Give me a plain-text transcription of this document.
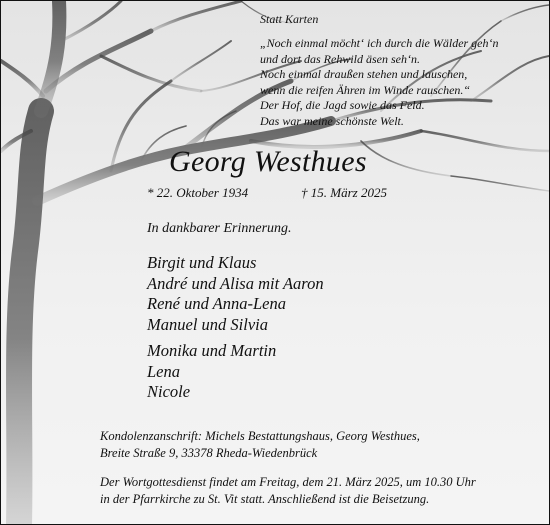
Statt Karten
„Noch einmal möcht‘ ich durch die Wälder geh‘n
und dort das Rehwild äsen seh‘n.
Noch einmal draußen stehen und lauschen,
wenn die reifen Ähren im Winde rauschen.“
Der Hof, die Jagd sowie das Feld.
Das war meine schönste Welt.
Georg Westhues
* 22. Oktober 1934	† 15. März 2025
In dankbarer Erinnerung.
Birgit und Klaus
André und Alisa mit Aaron
René und Anna-Lena
Manuel und Silvia
Monika und Martin
Lena
Nicole
Kondolenzanschrift: Michels Bestattungshaus, Georg Westhues,
Breite Straße 9, 33378 Rheda-Wiedenbrück
Der Wortgottesdienst findet am Freitag, dem 21. März 2025, um 10.30 Uhr
in der Pfarrkirche zu St. Vit statt. Anschließend ist die Beisetzung.
